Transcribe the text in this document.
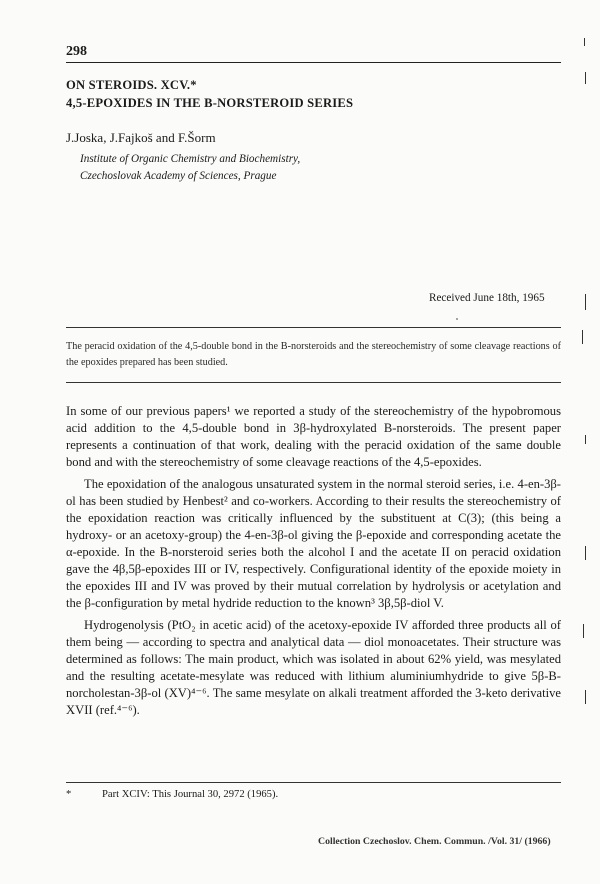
298
ON STEROIDS. XCV.*
4,5-EPOXIDES IN THE B-NORSTEROID SERIES
J.Joska, J.Fajkoš and F.Šorm
Institute of Organic Chemistry and Biochemistry,
Czechoslovak Academy of Sciences, Prague
Received June 18th, 1965
The peracid oxidation of the 4,5-double bond in the B-norsteroids and the stereochemistry of some cleavage reactions of the epoxides prepared has been studied.

In some of our previous papers¹ we reported a study of the stereochemistry of the hypobromous acid addition to the 4,5-double bond in 3β-hydroxylated B-norsteroids. The present paper represents a continuation of that work, dealing with the peracid oxidation of the same double bond and with the stereochemistry of some cleavage reactions of the 4,5-epoxides.

The epoxidation of the analogous unsaturated system in the normal steroid series, i.e. 4-en-3β-ol has been studied by Henbest² and co-workers. According to their results the stereochemistry of the epoxidation reaction was critically influenced by the substituent at C(3); (this being a hydroxy- or an acetoxy-group) the 4-en-3β-ol giving the β-epoxide and corresponding acetate the α-epoxide. In the B-norsteroid series both the alcohol I and the acetate II on peracid oxidation gave the 4β,5β-epoxides III or IV, respectively. Configurational identity of the epoxide moiety in the epoxides III and IV was proved by their mutual correlation by hydrolysis or acetylation and the β-configuration by metal hydride reduction to the known³ 3β,5β-diol V.

Hydrogenolysis (PtO₂ in acetic acid) of the acetoxy-epoxide IV afforded three products all of them being — according to spectra and analytical data — diol monoacetates. Their structure was determined as follows: The main product, which was isolated in about 62% yield, was mesylated and the resulting acetate-mesylate was reduced with lithium aluminiumhydride to give 5β-B-norcholestan-3β-ol (XV)⁴⁻⁶. The same mesylate on alkali treatment afforded the 3-keto derivative XVII (ref.⁴⁻⁶).

*	Part XCIV: This Journal 30, 2972 (1965).
Collection Czechoslov. Chem. Commun. /Vol. 31/ (1966)
